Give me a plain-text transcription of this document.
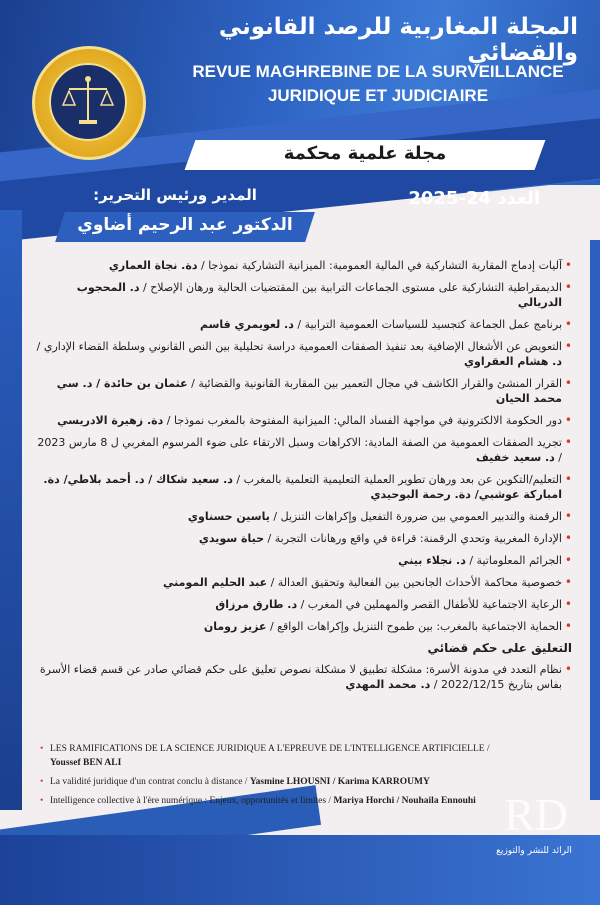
المجلة المغاربية للرصد القانوني والقضائي
REVUE MAGHREBINE DE LA SURVEILLANCE
JURIDIQUE ET JUDICIAIRE
مجلة علمية محكمة
العدد 24-2025
المدير ورئيس التحرير:
الدكتور عبد الرحيم أضاوي
• آليات إدماج المقاربة التشاركية في المالية العمومية: الميزانية التشاركية نموذجا / دة. نجاة العماري
• الديمقراطية التشاركية على مستوى الجماعات الترابية بين المقتضيات الحالية ورهان الإصلاح / د. المحجوب الدريالي
• برنامج عمل الجماعة كتجسيد للسياسات العمومية الترابية / د. لعويمري قاسم
• التعويض عن الأشغال الإضافية بعد تنفيذ الصفقات العمومية دراسة تحليلية بين النص القانوني وسلطة القضاء الإداري / د. هشام العقراوي
• القرار المنشئ والقرار الكاشف في مجال التعمير بين المقاربة القانونية والقضائية / عثمان بن حائدة / د. سي محمد الحيان
• دور الحكومة الالكترونية في مواجهة الفساد المالي: الميزانية المفتوحة بالمغرب نموذجا / دة. زهيرة الادريسي
• تجريد الصفقات العمومية من الصفة المادية: الاكراهات وسبل الارتقاء على ضوء المرسوم المغربي ل 8 مارس 2023 / د. سعيد خفيف
• التعليم/التكوين عن بعد ورهان تطوير العملية التعليمية التعلمية بالمغرب / د. سعيد شكاك / د. أحمد بلاطي/ دة. امباركة عوشبي/ دة. رحمة البوحيدي
• الرقمنة والتدبير العمومي بين ضرورة التفعيل وإكراهات التنزيل / ياسين حسناوي
• الإدارة المغربية وتحدي الرقمنة: قراءة في واقع ورهانات التجربة / حياة سويدي
• الجرائم المعلوماتية / د. نجلاء بيني
• خصوصية محاكمة الأحداث الجانحين بين الفعالية وتحقيق العدالة / عبد الحليم المومني
• الرعاية الاجتماعية للأطفال القصر والمهملين في المغرب / د. طارق مرزاق
• الحماية الاجتماعية بالمغرب: بين طموح التنزيل وإكراهات الواقع / عزيز رومان
التعليق على حكم قضائي
• نظام التعدد في مدونة الأسرة: مشكلة تطبيق لا مشكلة نصوص تعليق على حكم قضائي صادر عن قسم قضاء الأسرة بفاس بتاريخ 2022/12/15 / د. محمد المهدي
• LES RAMIFICATIONS DE LA SCIENCE JURIDIQUE A L'EPREUVE DE L'INTELLIGENCE ARTIFICIELLE / Youssef BEN ALI
• La validité juridique d'un contrat conclu à distance / Yasmine LHOUSNI / Karima KARROUMY
• Intelligence collective à l'ère numérique : Enjeux, opportunités et limites / Mariya Horchi / Nouhaila Ennouhi RD
الرائد للنشر والتوزيع
